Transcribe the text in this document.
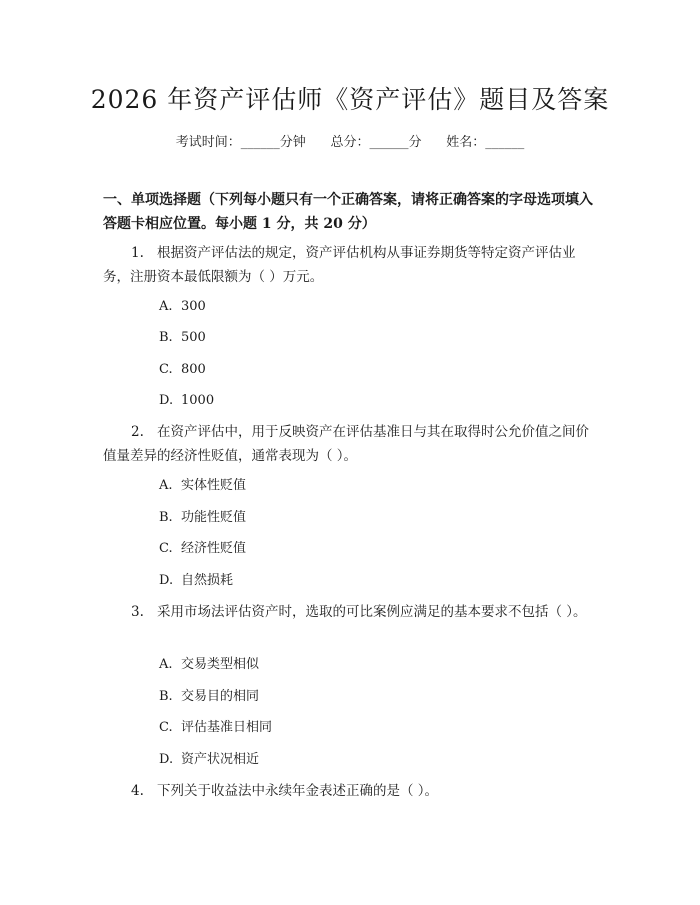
2026 年资产评估师《资产评估》题目及答案
考试时间：______分钟      总分：______分      姓名：______

一、单项选择题（下列每小题只有一个正确答案，请将正确答案的字母选项填入答题卡相应位置。每小题 1 分，共 20 分）

1. 根据资产评估法的规定，资产评估机构从事证券期货等特定资产评估业务，注册资本最低限额为（ ）万元。

A. 300

B. 500

C. 800

D. 1000

2. 在资产评估中，用于反映资产在评估基准日与其在取得时公允价值之间价值量差异的经济性贬值，通常表现为（ ）。

A. 实体性贬值

B. 功能性贬值

C. 经济性贬值

D. 自然损耗

3. 采用市场法评估资产时，选取的可比案例应满足的基本要求不包括（ ）。

A. 交易类型相似

B. 交易目的相同

C. 评估基准日相同

D. 资产状况相近

4. 下列关于收益法中永续年金表述正确的是（ ）。
